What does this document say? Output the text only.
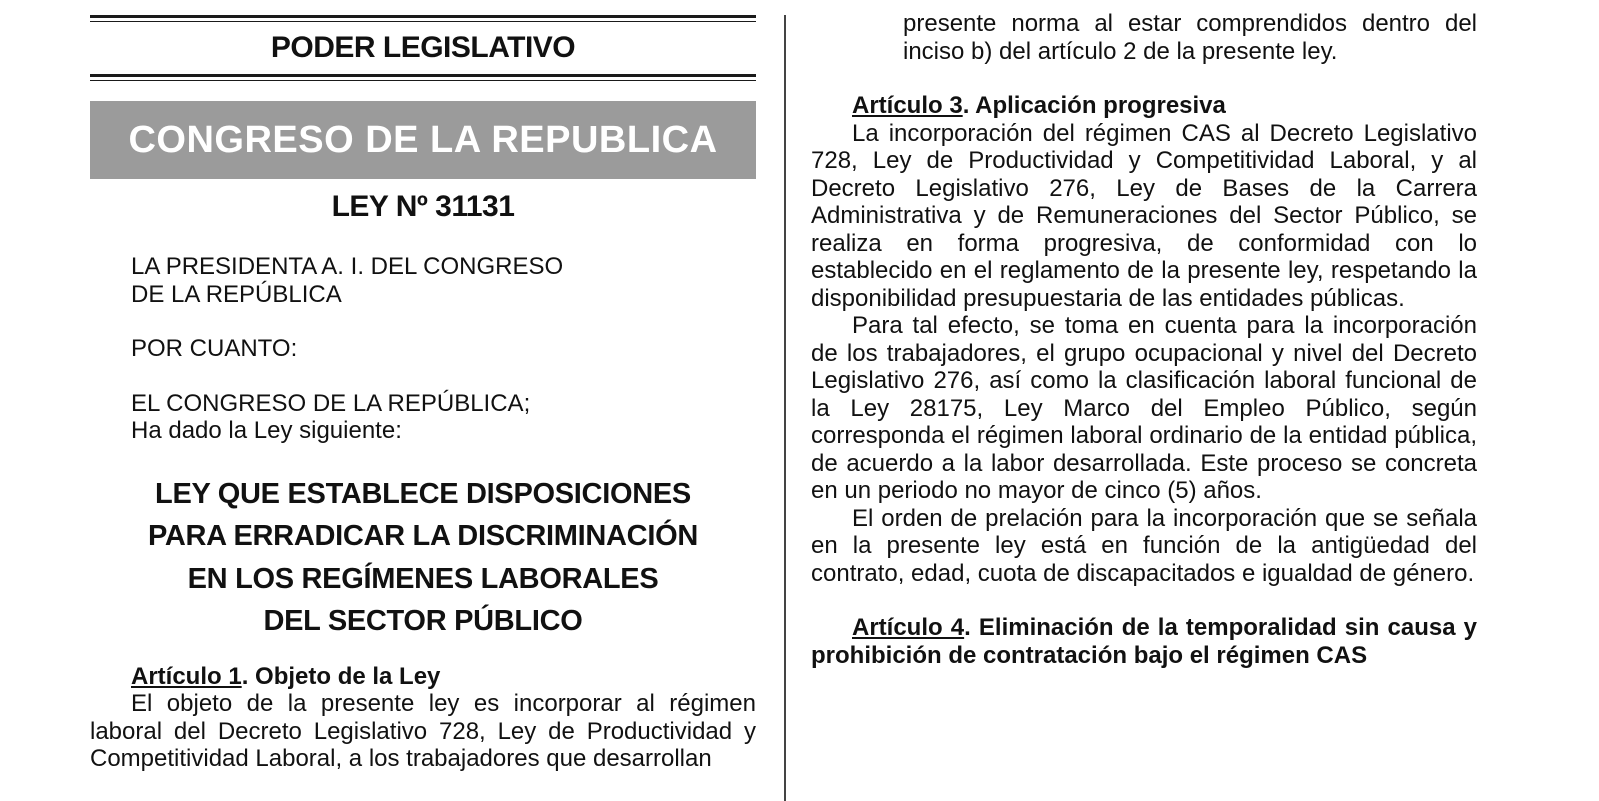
PODER LEGISLATIVO
CONGRESO DE LA REPUBLICA
LEY Nº 31131
LA PRESIDENTA A. I. DEL CONGRESO
DE LA REPÚBLICA
POR CUANTO:
EL CONGRESO DE LA REPÚBLICA;
Ha dado la Ley siguiente:
LEY QUE ESTABLECE DISPOSICIONES
PARA ERRADICAR LA DISCRIMINACIÓN
EN LOS REGÍMENES LABORALES
DEL SECTOR PÚBLICO
Artículo 1. Objeto de la Ley
El objeto de la presente ley es incorporar al régimen laboral del Decreto Legislativo 728, Ley de Productividad y Competitividad Laboral, a los trabajadores que desarrollan
presente norma al estar comprendidos dentro del inciso b) del artículo 2 de la presente ley.
Artículo 3. Aplicación progresiva
La incorporación del régimen CAS al Decreto Legislativo 728, Ley de Productividad y Competitividad Laboral, y al Decreto Legislativo 276, Ley de Bases de la Carrera Administrativa y de Remuneraciones del Sector Público, se realiza en forma progresiva, de conformidad con lo establecido en el reglamento de la presente ley, respetando la disponibilidad presupuestaria de las entidades públicas.
Para tal efecto, se toma en cuenta para la incorporación de los trabajadores, el grupo ocupacional y nivel del Decreto Legislativo 276, así como la clasificación laboral funcional de la Ley 28175, Ley Marco del Empleo Público, según corresponda el régimen laboral ordinario de la entidad pública, de acuerdo a la labor desarrollada. Este proceso se concreta en un periodo no mayor de cinco (5) años.
El orden de prelación para la incorporación que se señala en la presente ley está en función de la antigüedad del contrato, edad, cuota de discapacitados e igualdad de género.
Artículo 4. Eliminación de la temporalidad sin causa y prohibición de contratación bajo el régimen CAS
